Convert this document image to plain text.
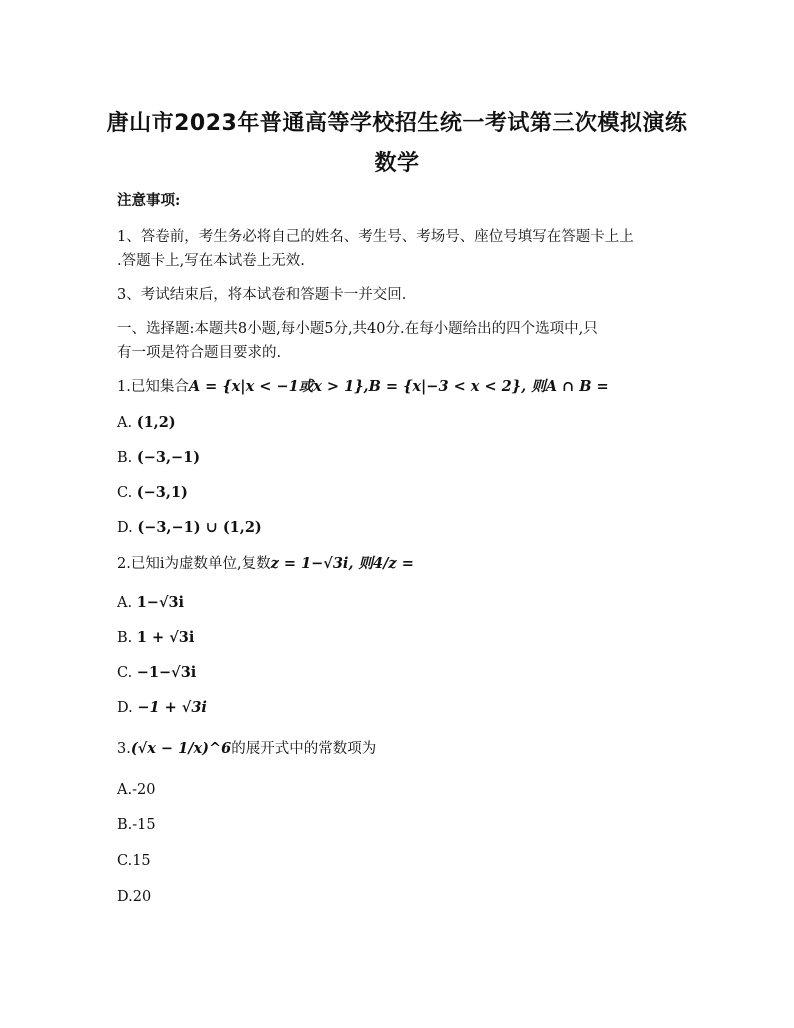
唐山市2023年普通高等学校招生统一考试第三次模拟演练
数学
注意事项:
1、答卷前，考生务必将自己的姓名、考生号、考场号、座位号填写在答题卡上上
.答题卡上,写在本试卷上无效.
3、考试结束后，将本试卷和答题卡一并交回.
一、选择题:本题共8小题,每小题5分,共40分.在每小题给出的四个选项中,只
有一项是符合题目要求的.
1.已知集合A = {x|x < −1或x > 1},B = {x|−3 < x < 2}, 则A ∩ B =
A. (1,2)
B. (−3,−1)
C. (−3,1)
D. (−3,−1) ∪ (1,2)
2.已知i为虚数单位,复数z = 1−√3i, 则4/z =
A. 1−√3i
B. 1 + √3i
C. −1−√3i
D. −1 + √3i
3.(√x − 1/x)^6的展开式中的常数项为
A.-20
B.-15
C.15
D.20
